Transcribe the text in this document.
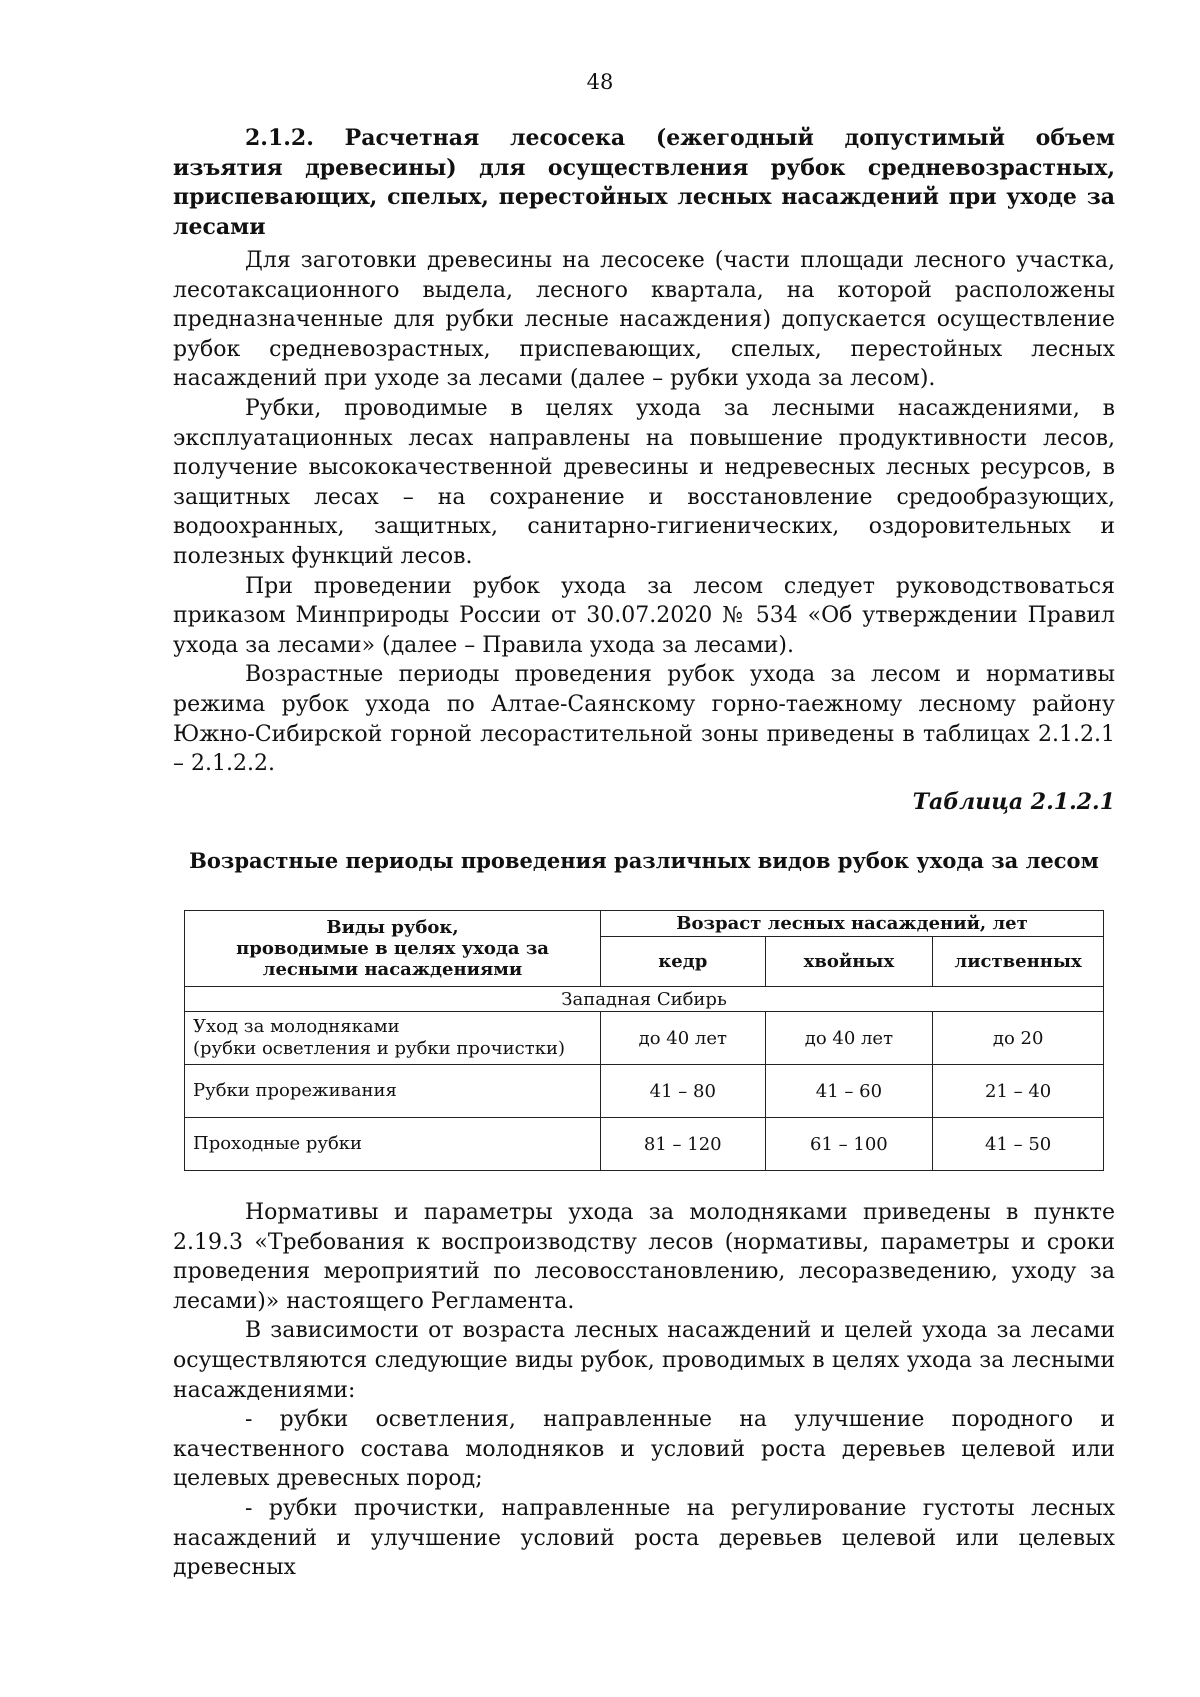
48
2.1.2. Расчетная лесосека (ежегодный допустимый объем изъятия древесины) для осуществления рубок средневозрастных, приспевающих, спелых, перестойных лесных насаждений при уходе за лесами

Для заготовки древесины на лесосеке (части площади лесного участка, лесотаксационного выдела, лесного квартала, на которой расположены предназначенные для рубки лесные насаждения) допускается осуществление рубок средневозрастных, приспевающих, спелых, перестойных лесных насаждений при уходе за лесами (далее – рубки ухода за лесом).

Рубки, проводимые в целях ухода за лесными насаждениями, в эксплуатационных лесах направлены на повышение продуктивности лесов, получение высококачественной древесины и недревесных лесных ресурсов, в защитных лесах – на сохранение и восстановление средообразующих, водоохранных, защитных, санитарно-гигиенических, оздоровительных и полезных функций лесов.

При проведении рубок ухода за лесом следует руководствоваться приказом Минприроды России от 30.07.2020 № 534 «Об утверждении Правил ухода за лесами» (далее – Правила ухода за лесами).

Возрастные периоды проведения рубок ухода за лесом и нормативы режима рубок ухода по Алтае-Саянскому горно-таежному лесному району Южно-Сибирской горной лесорастительной зоны приведены в таблицах 2.1.2.1 – 2.1.2.2.

Таблица 2.1.2.1
Возрастные периоды проведения различных видов рубок ухода за лесом
Виды рубок,
проводимые в целях ухода за
лесными насаждениями	Возраст лесных насаждений, лет		
	кедр	хвойных	лиственных
Западная Сибирь			

Уход за молодняками
(рубки осветления и рубки прочистки)	до 40 лет	до 40 лет	до 20
Рубки прореживания	41 – 80	41 – 60	21 – 40
Проходные рубки	81 – 120	61 – 100	41 – 50

Нормативы и параметры ухода за молодняками приведены в пункте 2.19.3 «Требования к воспроизводству лесов (нормативы, параметры и сроки проведения мероприятий по лесовосстановлению, лесоразведению, уходу за лесами)» настоящего Регламента.

В зависимости от возраста лесных насаждений и целей ухода за лесами осуществляются следующие виды рубок, проводимых в целях ухода за лесными насаждениями:

- рубки осветления, направленные на улучшение породного и качественного состава молодняков и условий роста деревьев целевой или целевых древесных пород;

- рубки прочистки, направленные на регулирование густоты лесных насаждений и улучшение условий роста деревьев целевой или целевых древесных
